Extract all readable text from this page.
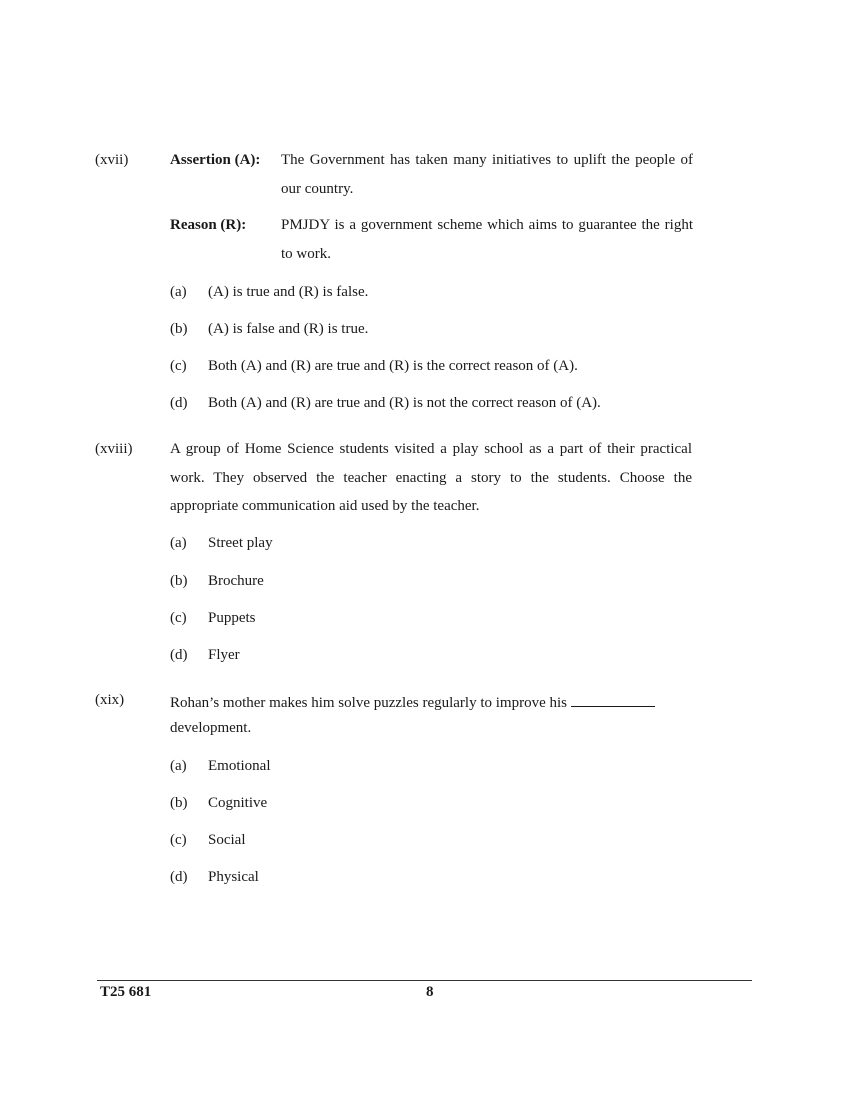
(xvii)	Assertion (A): The Government has taken many initiatives to uplift the people of our country.
Reason (R): PMJDY is a government scheme which aims to guarantee the right to work.
(a) (A) is true and (R) is false.
(b) (A) is false and (R) is true.
(c) Both (A) and (R) are true and (R) is the correct reason of (A).
(d) Both (A) and (R) are true and (R) is not the correct reason of (A).
(xviii)	A group of Home Science students visited a play school as a part of their practical work. They observed the teacher enacting a story to the students. Choose the appropriate communication aid used by the teacher.
(a) Street play
(b) Brochure
(c) Puppets
(d) Flyer
(xix)	Rohan’s mother makes him solve puzzles regularly to improve his
development.
(a) Emotional
(b) Cognitive
(c) Social
(d) Physical
T25 681	8
